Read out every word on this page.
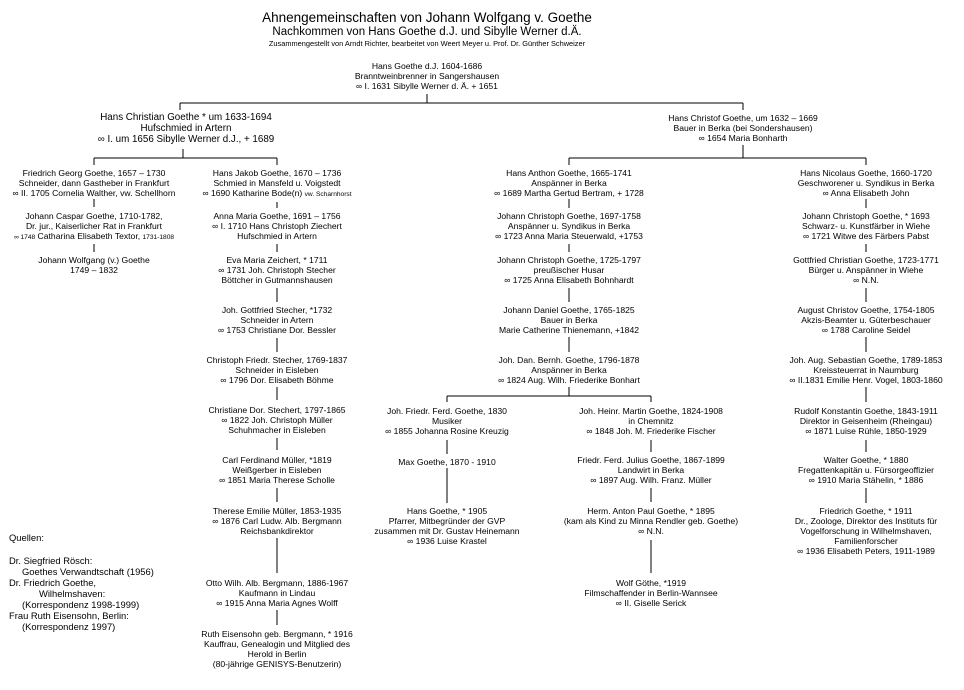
Ahnengemeinschaften von Johann Wolfgang v. Goethe
Nachkommen von Hans Goethe d.J. und Sibylle Werner d.Ä.
Zusammengestellt von Arndt Richter, bearbeitet von Weert Meyer u. Prof. Dr. Günther Schweizer
Hans Goethe d.J. 1604-1686
Branntweinbrenner in Sangershausen
∞ I. 1631 Sibylle Werner d. Ä. + 1651
Hans Christian Goethe * um 1633-1694
Hufschmied in Artern
∞ I. um 1656 Sibylle Werner d.J., + 1689
Hans Christof Goethe, um 1632 – 1669
Bauer in Berka (bei Sondershausen)
∞ 1654 Maria Bonharth
Friedrich Georg Goethe, 1657 – 1730
Schneider, dann Gastheber in Frankfurt
∞ II. 1705 Cornelia Walther, vw. Schellhorn
Johann Caspar Goethe, 1710-1782,
Dr. jur., Kaiserlicher Rat in Frankfurt
∞ 1748 Catharina Elisabeth Textor, 1731-1808
Johann Wolfgang (v.) Goethe
1749 – 1832
Hans Jakob Goethe, 1670 – 1736
Schmied in Mansfeld u. Voigstedt
∞ 1690 Katharine Bode(n) vw. Scharnhorst
Anna Maria Goethe, 1691 – 1756
∞ I. 1710 Hans Christoph Ziechert
Hufschmied in Artern
Eva Maria Zeichert, * 1711
∞ 1731 Joh. Christoph Stecher
Böttcher in Gutmannshausen
Joh. Gottfried Stecher, *1732
Schneider in Artern
∞ 1753 Christiane Dor. Bessler
Christoph Friedr. Stecher, 1769-1837
Schneider in Eisleben
∞ 1796 Dor. Elisabeth Böhme
Christiane Dor. Stechert, 1797-1865
∞ 1822 Joh. Christoph Müller
Schuhmacher in Eisleben
Carl Ferdinand Müller, *1819
Weißgerber in Eisleben
∞ 1851 Maria Therese Scholle
Therese Emilie Müller, 1853-1935
∞ 1876 Carl Ludw. Alb. Bergmann
Reichsbankdirektor
Otto Wilh. Alb. Bergmann, 1886-1967
Kaufmann in Lindau
∞ 1915 Anna Maria Agnes Wolff
Ruth Eisensohn geb. Bergmann, * 1916
Kauffrau, Genealogin und Mitglied des
Herold in Berlin
(80-jährige GENISYS-Benutzerin)
Hans Anthon Goethe, 1665-1741
Anspänner in Berka
∞ 1689 Martha Gertud Bertram, + 1728
Johann Christoph Goethe, 1697-1758
Anspänner u. Syndikus in Berka
∞ 1723 Anna Maria Steuerwald, +1753
Johann Christoph Goethe, 1725-1797
preußischer Husar
∞ 1725 Anna Elisabeth Bohnhardt
Johann Daniel Goethe, 1765-1825
Bauer in Berka
Marie Catherine Thienemann, +1842
Joh. Dan. Bernh. Goethe, 1796-1878
Anspänner in Berka
∞ 1824 Aug. Wilh. Friederike Bonhart
Joh. Friedr. Ferd. Goethe, 1830
Musiker
∞ 1855 Johanna Rosine Kreuzig
Max Goethe, 1870 - 1910
Hans Goethe, * 1905
Pfarrer, Mitbegründer der GVP
zusammen mit Dr. Gustav Heinemann
∞ 1936 Luise Krastel
Joh. Heinr. Martin Goethe, 1824-1908
in Chemnitz
∞ 1848 Joh. M. Friederike Fischer
Friedr. Ferd. Julius Goethe, 1867-1899
Landwirt in Berka
∞ 1897 Aug. Wilh. Franz. Müller
Herm. Anton Paul Goethe, * 1895
(kam als Kind zu Minna Rendler geb. Goethe)
∞ N.N.
Wolf Göthe, *1919
Filmschaffender in Berlin-Wannsee
∞ II. Giselle Serick
Hans Nicolaus Goethe, 1660-1720
Geschworener u. Syndikus in Berka
∞ Anna Elisabeth John
Johann Christoph Goethe, * 1693
Schwarz- u. Kunstfärber in Wiehe
∞ 1721 Witwe des Färbers Pabst
Gottfried Christian Goethe, 1723-1771
Bürger u. Anspänner in Wiehe
∞ N.N.
August Christov Goethe, 1754-1805
Akzis-Beamter u. Güterbeschauer
∞ 1788 Caroline Seidel
Joh. Aug. Sebastian Goethe, 1789-1853
Kreissteuerrat in Naumburg
∞ II.1831 Emilie Henr. Vogel, 1803-1860
Rudolf Konstantin Goethe, 1843-1911
Direktor in Geisenheim (Rheingau)
∞ 1871 Luise Rühle, 1850-1929
Walter Goethe, * 1880
Fregattenkapitän u. Fürsorgeoffizier
∞ 1910 Maria Stähelin, * 1886
Friedrich Goethe, * 1911
Dr., Zoologe, Direktor des Instituts für
Vogelforschung in Wilhelmshaven,
Familienforscher
∞ 1936 Elisabeth Peters, 1911-1989
Quellen:
Dr. Siegfried Rösch:
Goethes Verwandtschaft (1956)
Dr. Friedrich Goethe,
Wilhelmshaven:
(Korrespondenz 1998-1999)
Frau Ruth Eisensohn, Berlin:
(Korrespondenz 1997)
